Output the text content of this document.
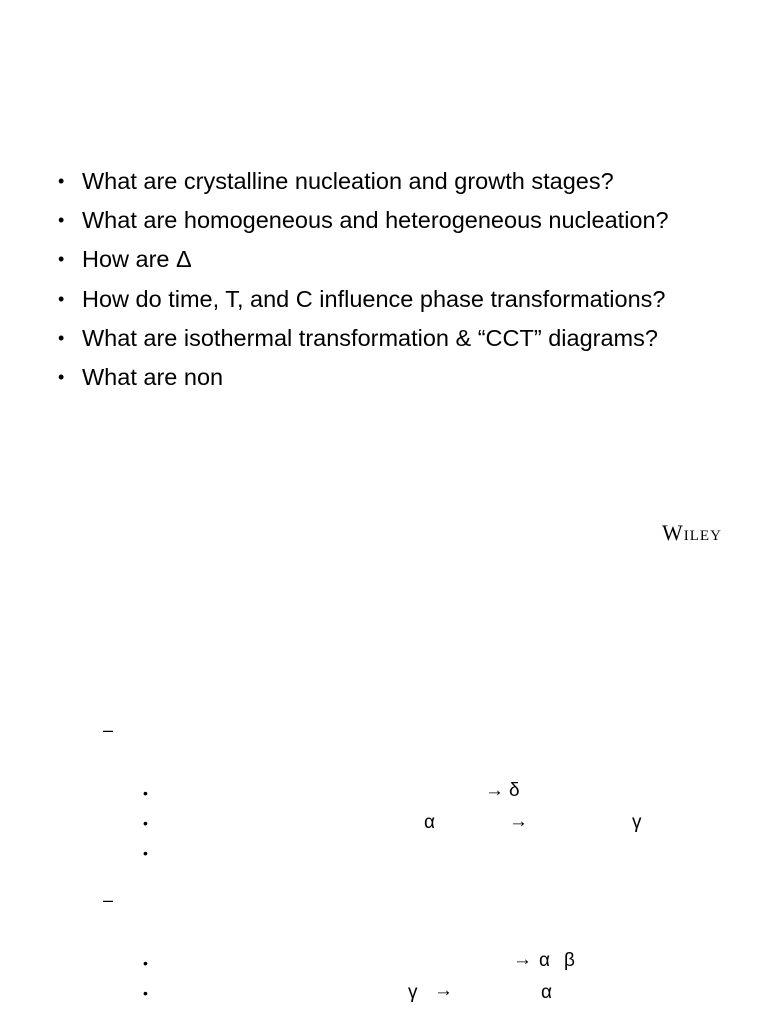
• What are crystalline nucleation and growth stages?
• What are homogeneous and heterogeneous nucleation?
• How are Δ
• How do time, T, and C influence phase transformations?
• What are isothermal transformation & “CCT” diagrams?
• What are non
Wiley
–
•	→ δ
•	α	→	γ
•
–
•	→ α β
•	γ →	α
